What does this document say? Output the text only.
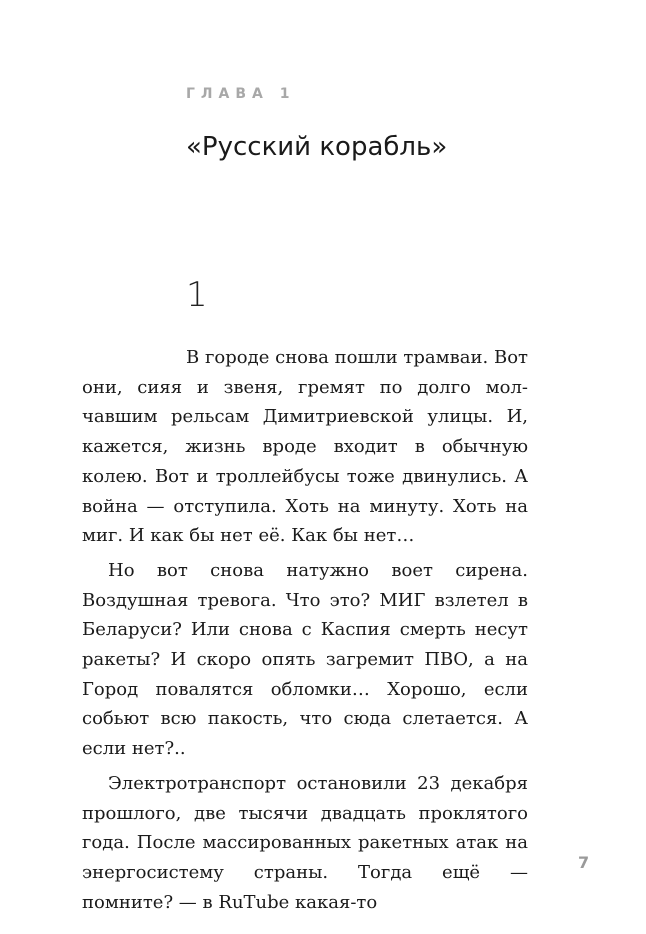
ГЛАВА 1
«Русский корабль»
1

В городе снова пошли трамваи. Вот они, сияя и звеня, гремят по долго молчавшим рельсам Димитриевской улицы. И, кажется, жизнь вроде входит в обычную колею. Вот и троллейбусы тоже двинулись. А война — отступила. Хоть на минуту. Хоть на миг. И как бы нет её. Как бы нет…

Но вот снова натужно воет сирена. Воздушная тревога. Что это? МИГ взлетел в Беларуси? Или снова с Каспия смерть несут ракеты? И скоро опять загремит ПВО, а на Город повалятся обломки… Хорошо, если собьют всю пакость, что сюда слетается. А если нет?..

Электротранспорт остановили 23 декабря прошлого, две тысячи двадцать проклятого года. После массированных ракетных атак на энергосистему страны. Тогда ещё — помните? — в RuTube какая-то

7
